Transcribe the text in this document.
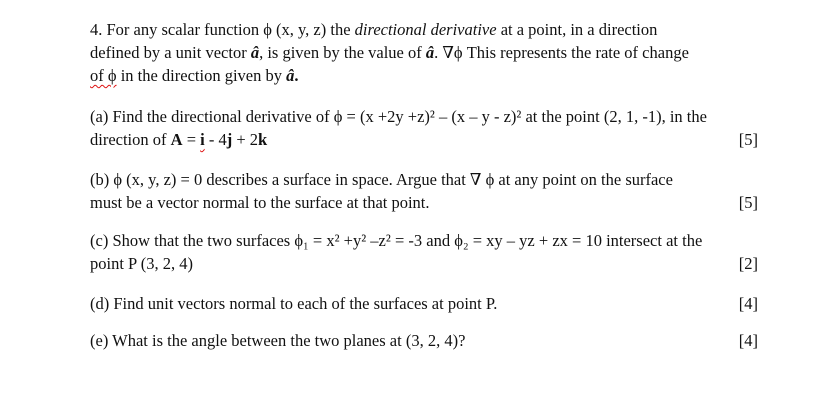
4. For any scalar function ϕ (x, y, z) the directional derivative at a point, in a direction
defined by a unit vector â, is given by the value of â. ∇ϕ This represents the rate of change
of ϕ in the direction given by â.
(a) Find the directional derivative of ϕ = (x +2y +z)² – (x – y - z)² at the point (2, 1, -1), in the
direction of A = i - 4j + 2k	[5]
(b) ϕ (x, y, z) = 0 describes a surface in space. Argue that ∇ ϕ at any point on the surface
must be a vector normal to the surface at that point.	[5]
(c) Show that the two surfaces ϕ₁ = x² +y² –z² = -3 and ϕ₂ = xy – yz + zx = 10 intersect at the
point P (3, 2, 4)	[2]
(d) Find unit vectors normal to each of the surfaces at point P.	[4]
(e) What is the angle between the two planes at (3, 2, 4)?	[4]
